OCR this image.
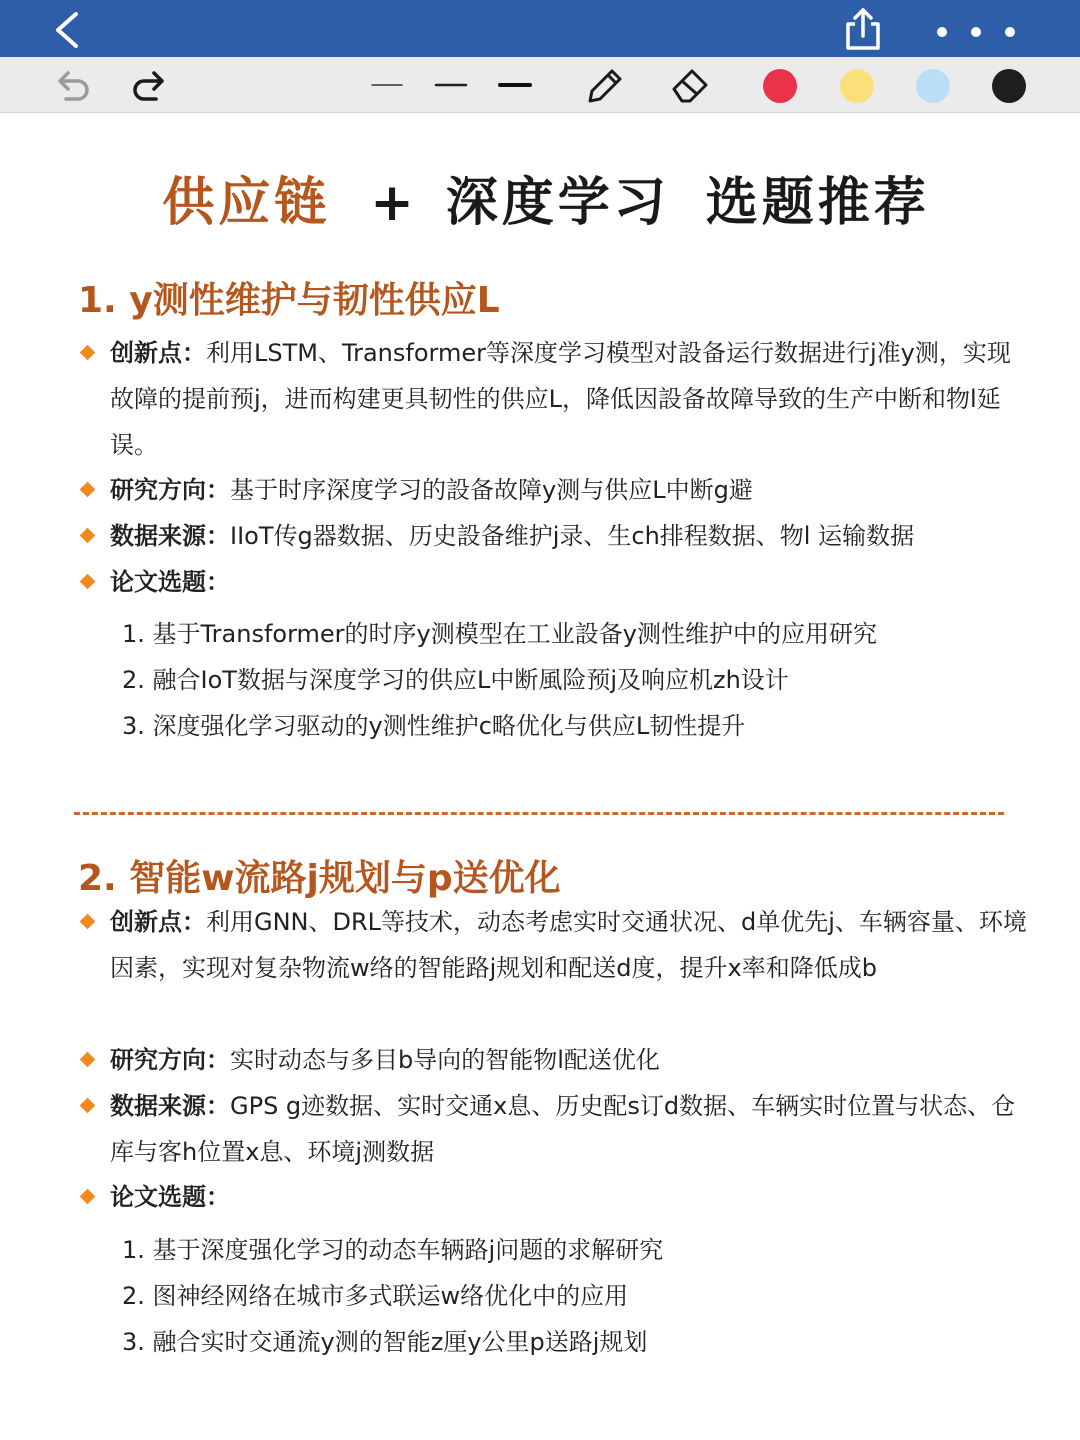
供应链 + 深度学习 选题推荐
1. y测性维护与韧性供应L
创新点：利用LSTM、Transformer等深度学习模型对設备运行数据进行j准y测，实现故障的提前预j，进而构建更具韧性的供应L，降低因設备故障导致的生产中断和物l延误。
研究方向：基于时序深度学习的設备故障y测与供应L中断g避
数据来源：IIoT传g器数据、历史設备维护j录、生ch排程数据、物l 运输数据
论文选题：
1. 基于Transformer的时序y测模型在工业設备y测性维护中的应用研究
2. 融合IoT数据与深度学习的供应L中断風险预j及响应机zh设计
3. 深度强化学习驱动的y测性维护c略优化与供应L韧性提升
2. 智能w流路j规划与p送优化
创新点：利用GNN、DRL等技术，动态考虑实时交通状况、d单优先j、车辆容量、环境因素，实现对复杂物流w络的智能路j规划和配送d度，提升x率和降低成b
研究方向：实时动态与多目b导向的智能物l配送优化
数据来源：GPS g迹数据、实时交通x息、历史配s订d数据、车辆实时位置与状态、仓库与客h位置x息、环境j测数据
论文选题：
1. 基于深度强化学习的动态车辆路j问题的求解研究
2. 图神经网络在城市多式联运w络优化中的应用
3. 融合实时交通流y测的智能z厘y公里p送路j规划
